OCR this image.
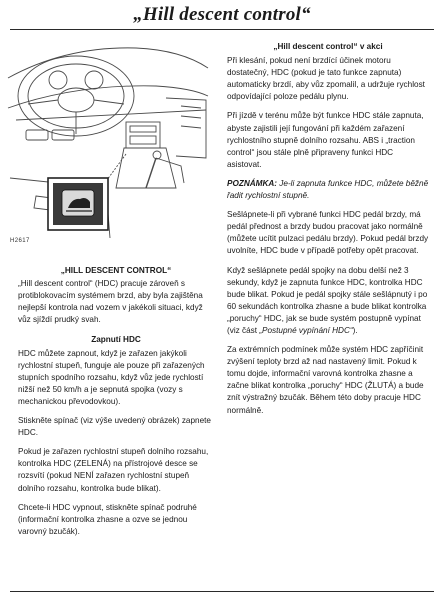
„Hill descent control“
H2617

„HILL DESCENT CONTROL“

„Hill descent control“ (HDC) pracuje zároveň s protiblokovacím systémem brzd, aby byla zajištěna nejlepší kontrola nad vozem v jakékoli situaci, když vůz sjíždí prudký svah.

Zapnutí HDC

HDC můžete zapnout, když je zařazen jakýkoli rychlostní stupeň, funguje ale pouze při zařazených stupních spodního rozsahu, když vůz jede rychlostí nižší než 50 km/h a je sepnutá spojka (vozy s mechanickou převodovkou).

Stiskněte spínač (viz výše uvedený obrázek) zapnete HDC.

Pokud je zařazen rychlostní stupeň dolního rozsahu, kontrolka HDC (ZELENÁ) na přístrojové desce se rozsvítí (pokud NENÍ zařazen rychlostní stupeň dolního rozsahu, kontrolka bude blikat).

Chcete-li HDC vypnout, stiskněte spínač podruhé (informační kontrolka zhasne a ozve se jednou varovný bzučák).

„Hill descent control“ v akci

Při klesání, pokud není brzdící účinek motoru dostatečný, HDC (pokud je tato funkce zapnuta) automaticky brzdí, aby vůz zpomalil, a udržuje rychlost odpovídající poloze pedálu plynu.

Při jízdě v terénu může být funkce HDC stále zapnuta, abyste zajistili její fungování při každém zařazení rychlostního stupně dolního rozsahu. ABS i „traction control“ jsou stále plně připraveny funkci HDC asistovat.

POZNÁMKA: Je-li zapnuta funkce HDC, můžete běžně řadit rychlostní stupně.

Sešlápnete-li při vybrané funkci HDC pedál brzdy, má pedál přednost a brzdy budou pracovat jako normálně (můžete ucítit pulzaci pedálu brzdy). Pokud pedál brzdy uvolníte, HDC bude v případě potřeby opět pracovat.

Když sešlápnete pedál spojky na dobu delší než 3 sekundy, když je zapnuta funkce HDC, kontrolka HDC bude blikat. Pokud je pedál spojky stále sešlápnutý i po 60 sekundách kontrolka zhasne a bude blikat kontrolka „poruchy“ HDC, jak se bude systém postupně vypínat (viz část „Postupné vypínání HDC“).

Za extrémních podmínek může systém HDC zapříčinit zvýšení teploty brzd až nad nastavený limit. Pokud k tomu dojde, informační varovná kontrolka zhasne a začne blikat kontrolka „poruchy“ HDC (ŽLUTÁ) a bude znít výstražný bzučák. Během této doby pracuje HDC normálně.
